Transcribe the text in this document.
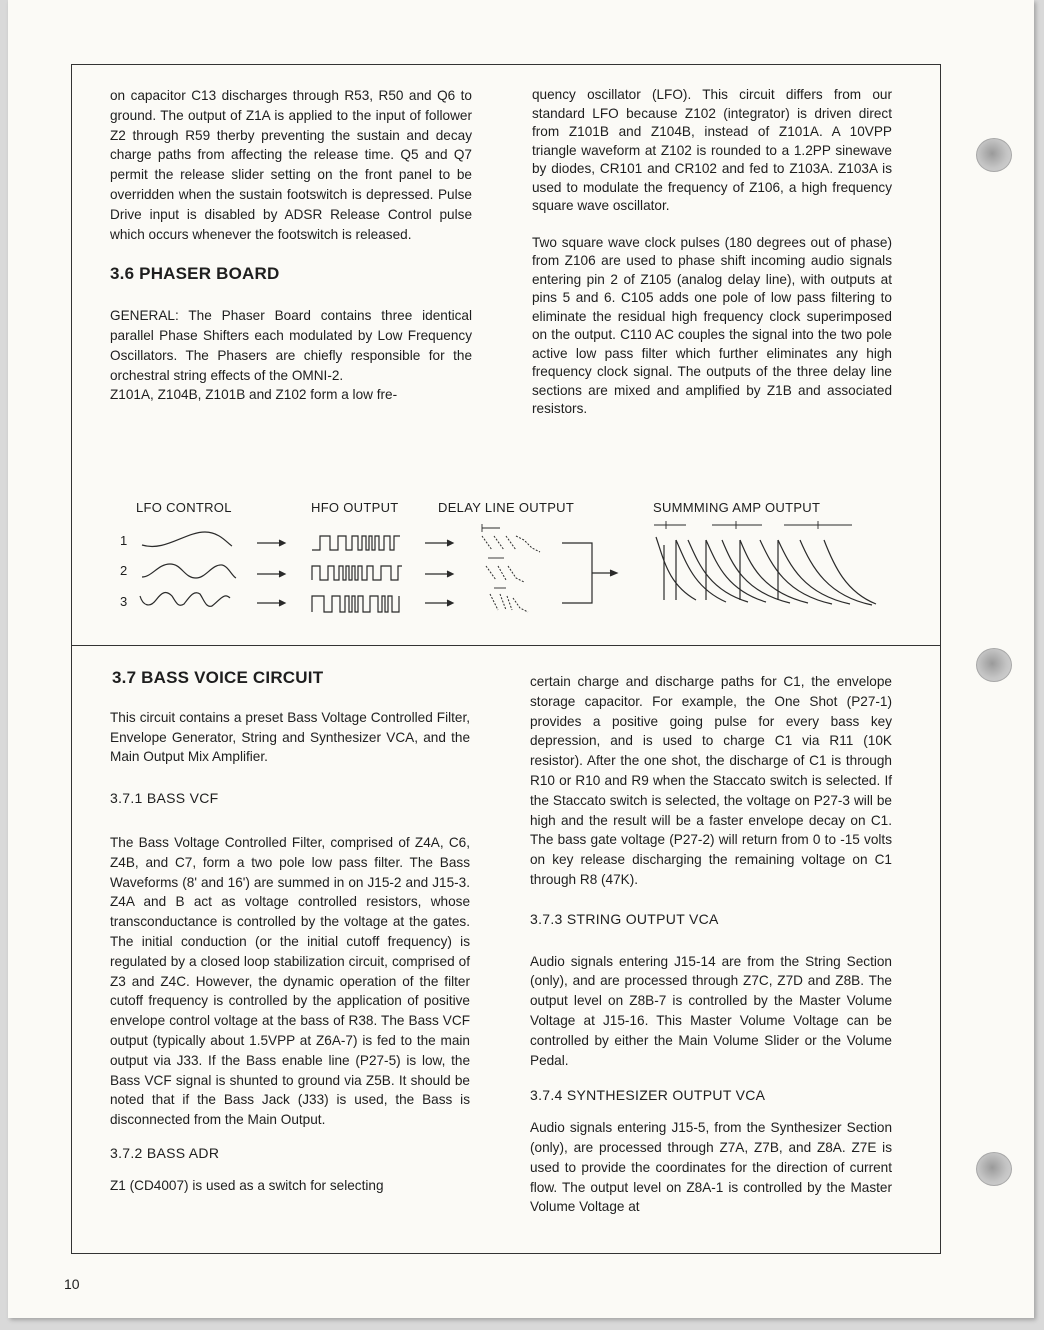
on capacitor C13 discharges through R53, R50 and Q6 to ground. The output of Z1A is applied to the input of follower Z2 through R59 therby preventing the sustain and decay charge paths from affecting the release time. Q5 and Q7 permit the release slider setting on the front panel to be overridden when the sustain footswitch is depressed. Pulse Drive input is disabled by ADSR Release Control pulse which occurs whenever the footswitch is released.

3.6 PHASER BOARD

GENERAL: The Phaser Board contains three identical parallel Phase Shifters each modulated by Low Frequency Oscillators. The Phasers are chiefly responsible for the orchestral string effects of the OMNI-2.

Z101A, Z104B, Z101B and Z102 form a low fre-

quency oscillator (LFO). This circuit differs from our standard LFO because Z102 (integrator) is driven direct from Z101B and Z104B, instead of Z101A. A 10VPP triangle waveform at Z102 is rounded to a 1.2PP sinewave by diodes, CR101 and CR102 and fed to Z103A. Z103A is used to modulate the frequency of Z106, a high frequency square wave oscillator.

Two square wave clock pulses (180 degrees out of phase) from Z106 are used to phase shift incoming audio signals entering pin 2 of Z105 (analog delay line), with outputs at pins 5 and 6. C105 adds one pole of low pass filtering to eliminate the residual high frequency clock superimposed on the output. C110 AC couples the signal into the two pole active low pass filter which further eliminates any high frequency clock signal. The outputs of the three delay line sections are mixed and amplified by Z1B and associated resistors.

LFO CONTROL	HFO OUTPUT	DELAY LINE OUTPUT	SUMMMING AMP OUTPUT
1
2
3
3.7 BASS VOICE CIRCUIT

This circuit contains a preset Bass Voltage Controlled Filter, Envelope Generator, String and Synthesizer VCA, and the Main Output Mix Amplifier.

3.7.1 BASS VCF

The Bass Voltage Controlled Filter, comprised of Z4A, C6, Z4B, and C7, form a two pole low pass filter. The Bass Waveforms (8' and 16') are summed in on J15-2 and J15-3. Z4A and B act as voltage controlled resistors, whose transconductance is controlled by the voltage at the gates. The initial conduction (or the initial cutoff frequency) is regulated by a closed loop stabilization circuit, comprised of Z3 and Z4C. However, the dynamic operation of the filter cutoff frequency is controlled by the application of positive envelope control voltage at the bass of R38. The Bass VCF output (typically about 1.5VPP at Z6A-7) is fed to the main output via J33. If the Bass enable line (P27-5) is low, the Bass VCF signal is shunted to ground via Z5B. It should be noted that if the Bass Jack (J33) is used, the Bass is disconnected from the Main Output.

3.7.2 BASS ADR

Z1 (CD4007) is used as a switch for selecting

certain charge and discharge paths for C1, the envelope storage capacitor. For example, the One Shot (P27-1) provides a positive going pulse for every bass key depression, and is used to charge C1 via R11 (10K resistor). After the one shot, the discharge of C1 is through R10 or R10 and R9 when the Staccato switch is selected. If the Staccato switch is selected, the voltage on P27-3 will be high and the result will be a faster envelope decay on C1. The bass gate voltage (P27-2) will return from 0 to -15 volts on key release discharging the remaining voltage on C1 through R8 (47K).

3.7.3 STRING OUTPUT VCA

Audio signals entering J15-14 are from the String Section (only), and are processed through Z7C, Z7D and Z8B. The output level on Z8B-7 is controlled by the Master Volume Voltage at J15-16. This Master Volume Voltage can be controlled by either the Main Volume Slider or the Volume Pedal.

3.7.4 SYNTHESIZER OUTPUT VCA

Audio signals entering J15-5, from the Synthesizer Section (only), are processed through Z7A, Z7B, and Z8A. Z7E is used to provide the coordinates for the direction of current flow. The output level on Z8A-1 is controlled by the Master Volume Voltage at

10
